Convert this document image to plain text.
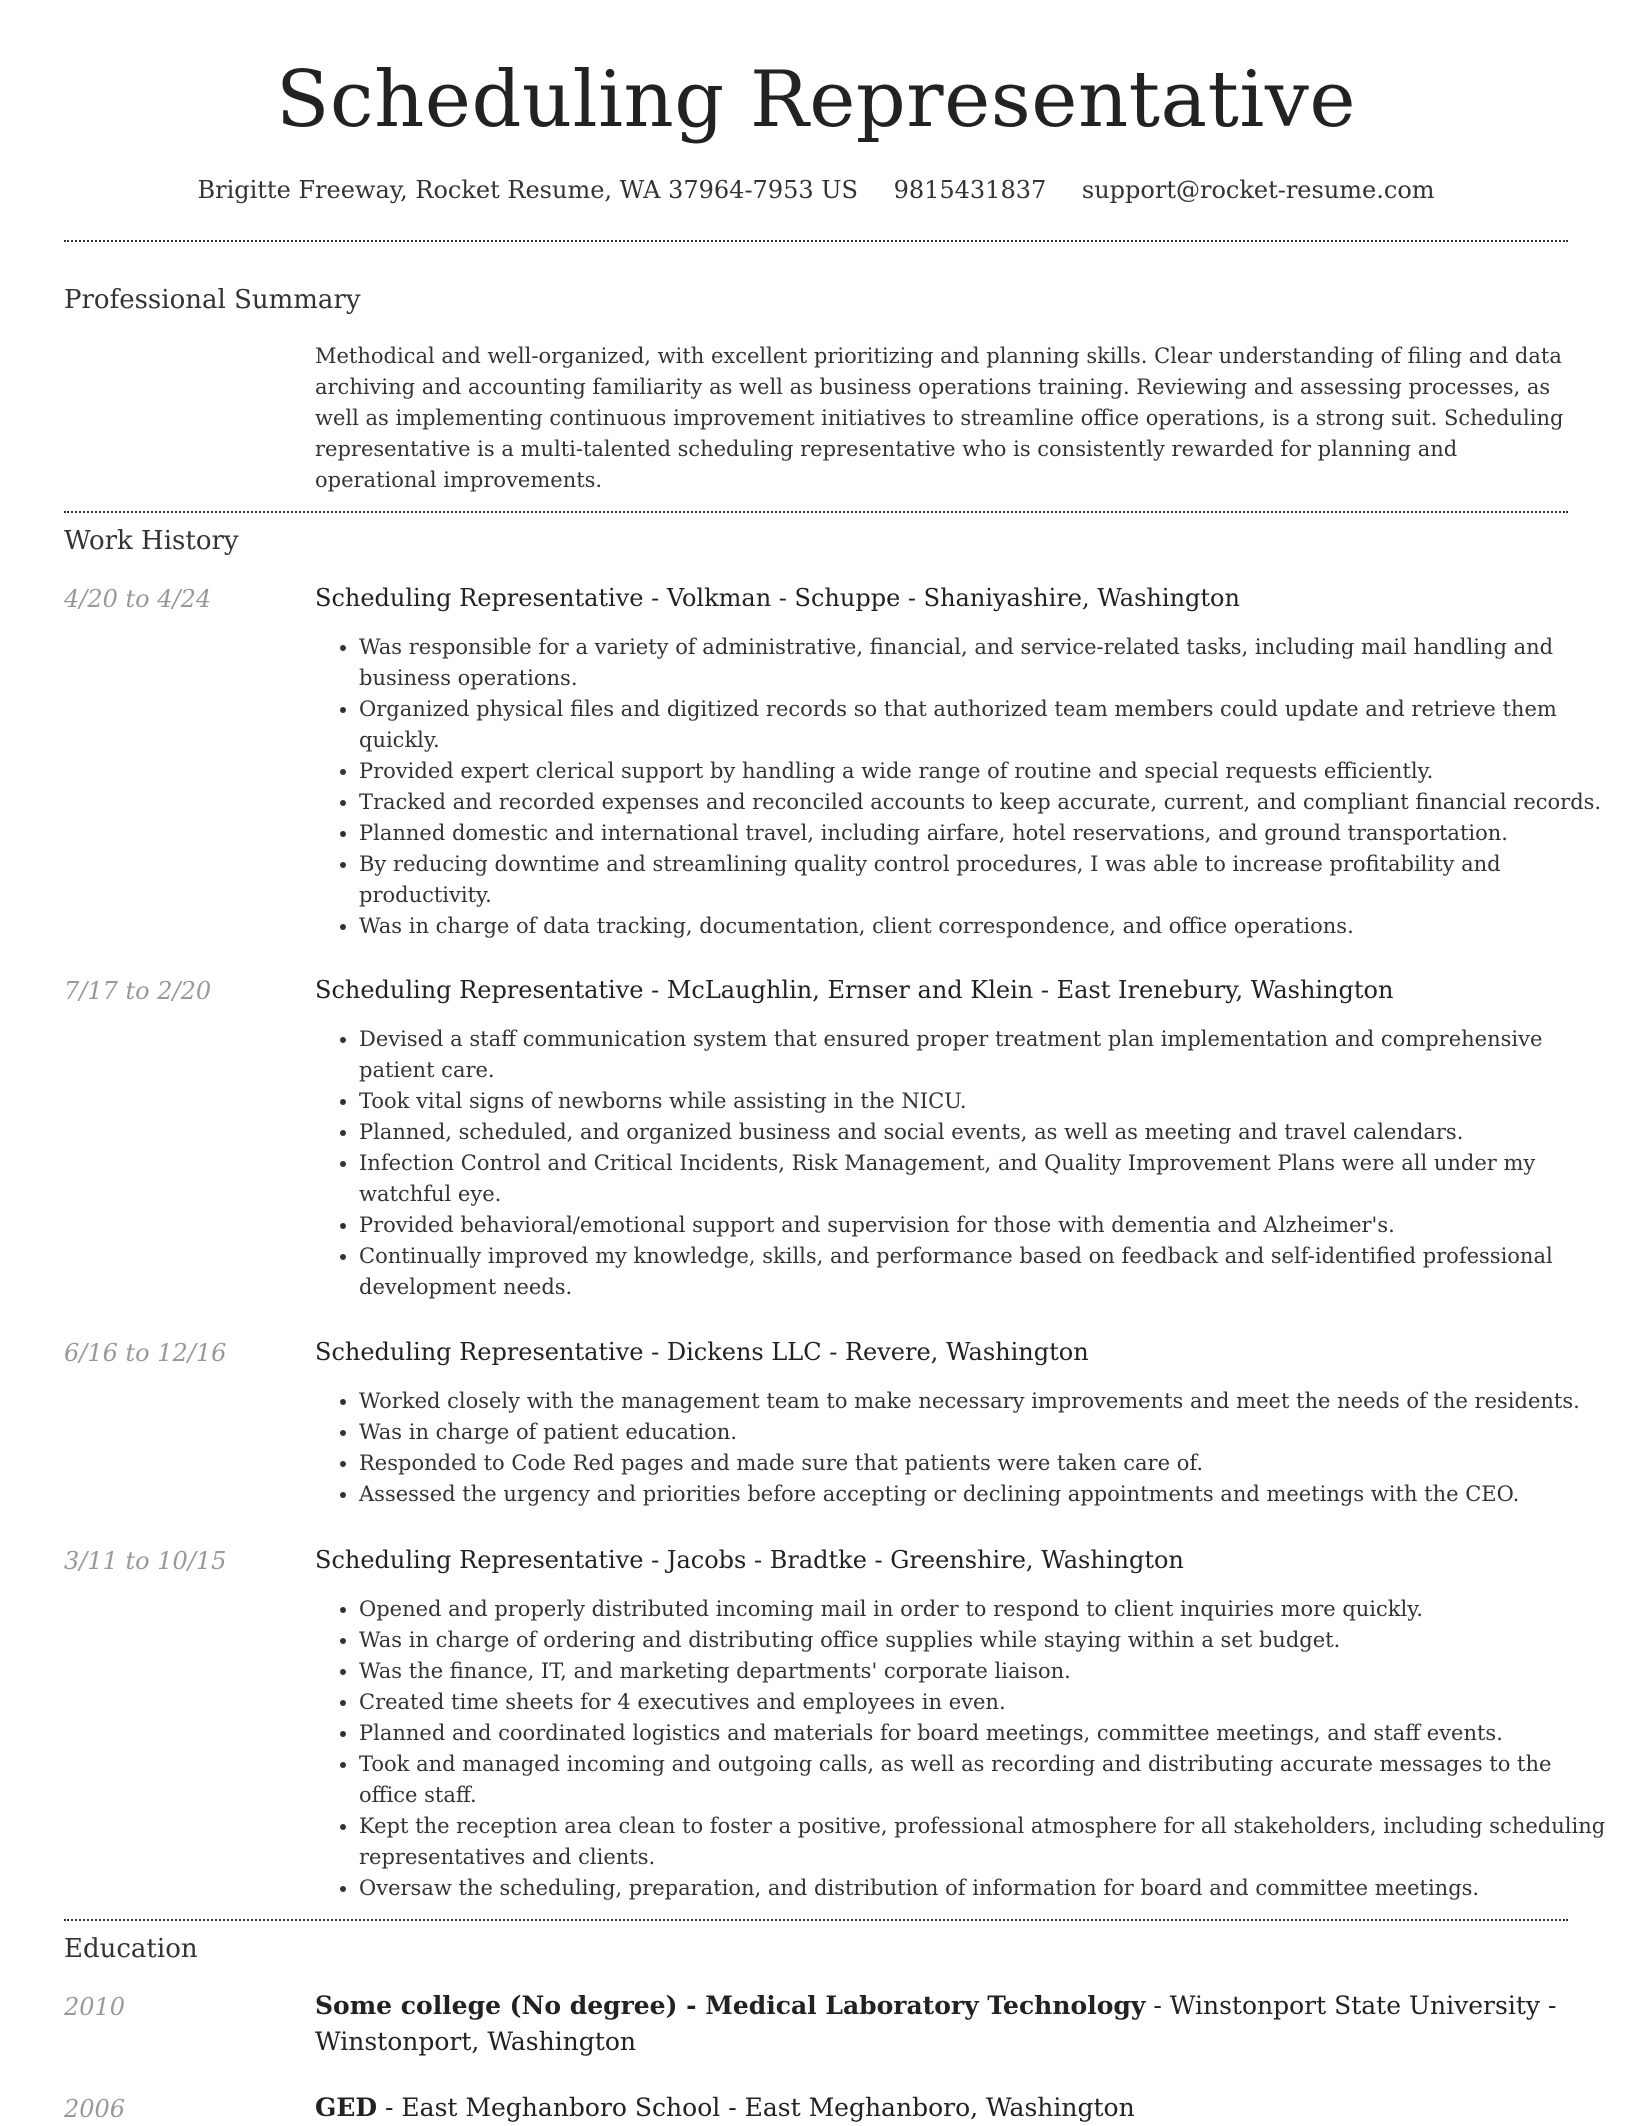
Scheduling Representative
Brigitte Freeway, Rocket Resume, WA 37964-7953 US 9815431837 support@rocket-resume.com
Professional Summary
Methodical and well-organized, with excellent prioritizing and planning skills. Clear understanding of filing and data archiving and accounting familiarity as well as business operations training. Reviewing and assessing processes, as well as implementing continuous improvement initiatives to streamline office operations, is a strong suit. Scheduling representative is a multi-talented scheduling representative who is consistently rewarded for planning and operational improvements.
Work History
4/20 to 4/24	Scheduling Representative - Volkman - Schuppe - Shaniyashire, Washington
• Was responsible for a variety of administrative, financial, and service-related tasks, including mail handling and business operations.
• Organized physical files and digitized records so that authorized team members could update and retrieve them quickly.
• Provided expert clerical support by handling a wide range of routine and special requests efficiently.
• Tracked and recorded expenses and reconciled accounts to keep accurate, current, and compliant financial records.
• Planned domestic and international travel, including airfare, hotel reservations, and ground transportation.
• By reducing downtime and streamlining quality control procedures, I was able to increase profitability and productivity.
• Was in charge of data tracking, documentation, client correspondence, and office operations.
7/17 to 2/20	Scheduling Representative - McLaughlin, Ernser and Klein - East Irenebury, Washington
• Devised a staff communication system that ensured proper treatment plan implementation and comprehensive patient care.
• Took vital signs of newborns while assisting in the NICU.
• Planned, scheduled, and organized business and social events, as well as meeting and travel calendars.
• Infection Control and Critical Incidents, Risk Management, and Quality Improvement Plans were all under my watchful eye.
• Provided behavioral/emotional support and supervision for those with dementia and Alzheimer's.
• Continually improved my knowledge, skills, and performance based on feedback and self-identified professional development needs.
6/16 to 12/16	Scheduling Representative - Dickens LLC - Revere, Washington
• Worked closely with the management team to make necessary improvements and meet the needs of the residents.
• Was in charge of patient education.
• Responded to Code Red pages and made sure that patients were taken care of.
• Assessed the urgency and priorities before accepting or declining appointments and meetings with the CEO.
3/11 to 10/15	Scheduling Representative - Jacobs - Bradtke - Greenshire, Washington
• Opened and properly distributed incoming mail in order to respond to client inquiries more quickly.
• Was in charge of ordering and distributing office supplies while staying within a set budget.
• Was the finance, IT, and marketing departments' corporate liaison.
• Created time sheets for 4 executives and employees in even.
• Planned and coordinated logistics and materials for board meetings, committee meetings, and staff events.
• Took and managed incoming and outgoing calls, as well as recording and distributing accurate messages to the office staff.
• Kept the reception area clean to foster a positive, professional atmosphere for all stakeholders, including scheduling representatives and clients.
• Oversaw the scheduling, preparation, and distribution of information for board and committee meetings.
Education
2010	Some college (No degree) - Medical Laboratory Technology - Winstonport State University - Winstonport, Washington
2006	GED - East Meghanboro School - East Meghanboro, Washington
